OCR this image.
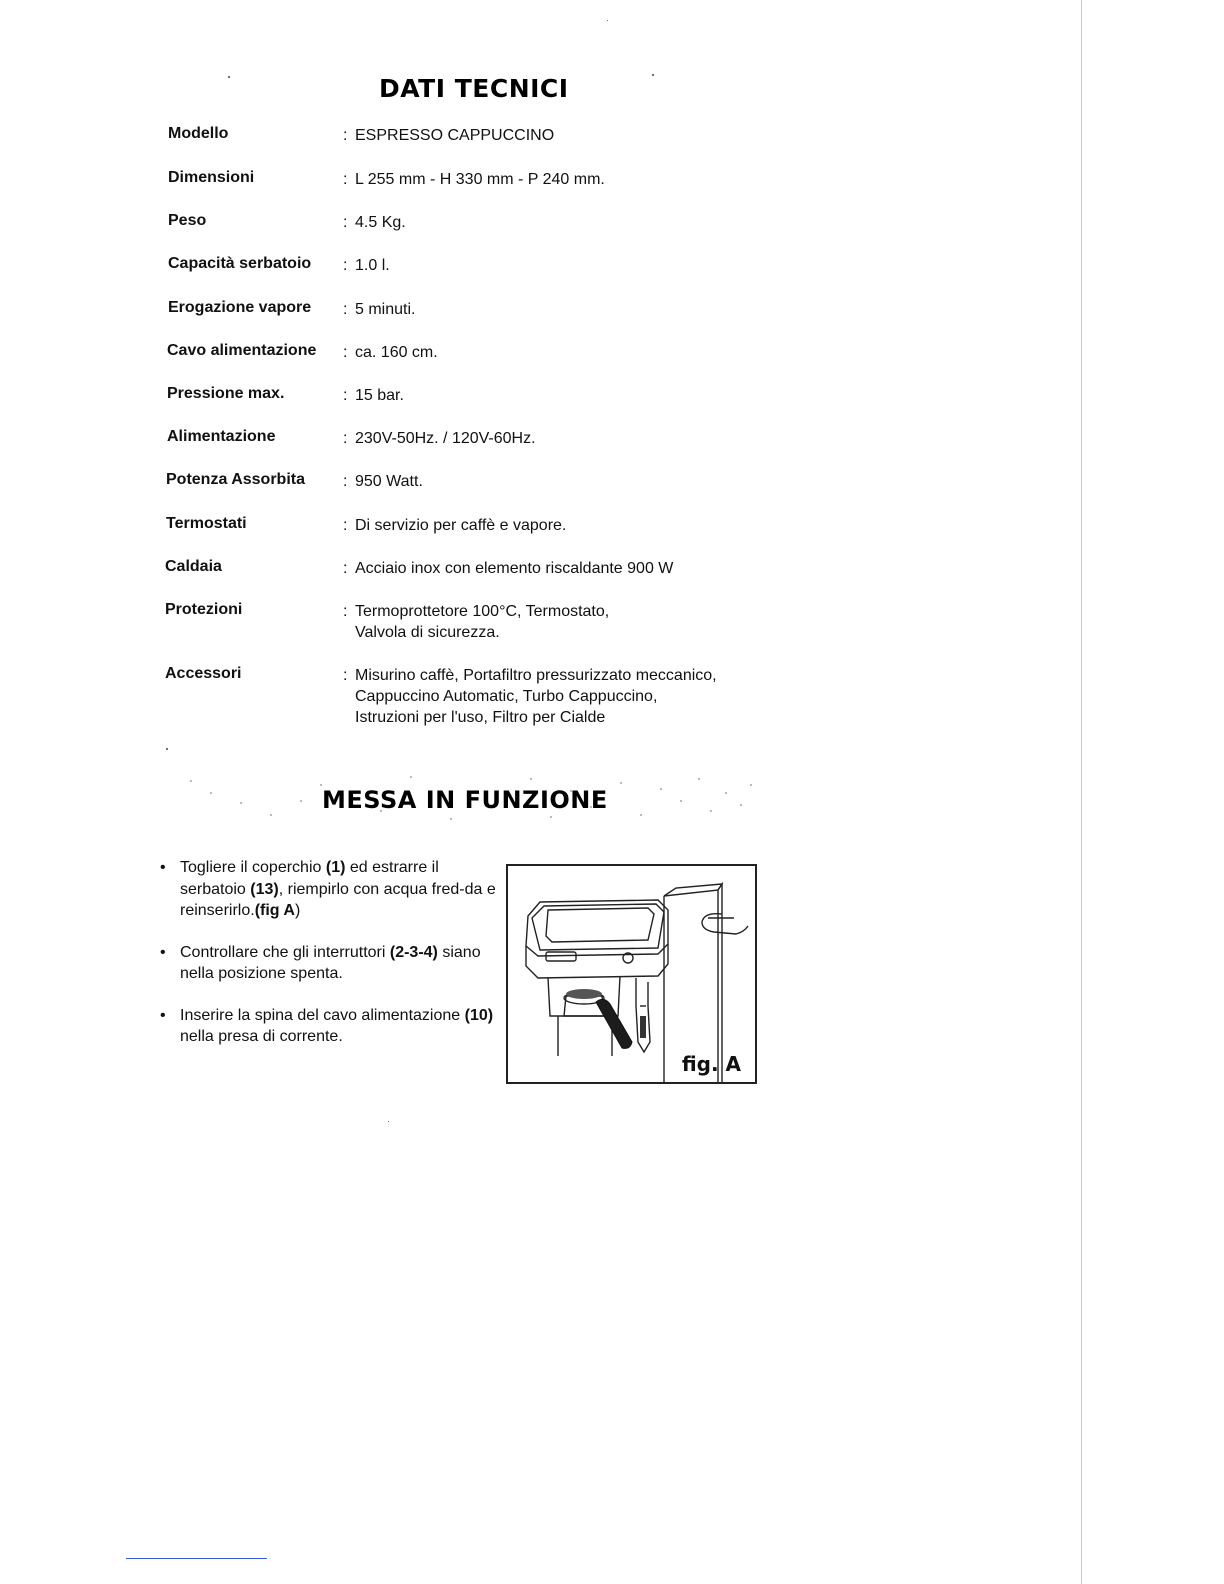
DATI TECNICI
Modello	: ESPRESSO CAPPUCCINO
Dimensioni	: L 255 mm - H 330 mm - P 240 mm.
Peso	: 4.5 Kg.
Capacità serbatoio : 1.0 l.
Erogazione vapore : 5 minuti.
Cavo alimentazione : ca. 160 cm.
Pressione max.	: 15 bar.
Alimentazione	: 230V-50Hz. / 120V-60Hz.
Potenza Assorbita : 950 Watt.
Termostati	: Di servizio per caffè e vapore.
Caldaia	: Acciaio inox con elemento riscaldante 900 W
Protezioni	: Termoprottetore 100°C, Termostato,
Valvola di sicurezza.
Accessori	: Misurino caffè, Portafiltro pressurizzato meccanico,
Cappuccino Automatic, Turbo Cappuccino,
Istruzioni per l'uso, Filtro per Cialde
MESSA IN FUNZIONE
• Togliere il coperchio (1) ed estrarre il serbatoio (13), riempirlo con acqua fred-da e reinserirlo.(fig A)
• Controllare che gli interruttori (2-3-4) siano nella posizione spenta.
• Inserire la spina del cavo alimentazione (10) nella presa di corrente.
fig. A
